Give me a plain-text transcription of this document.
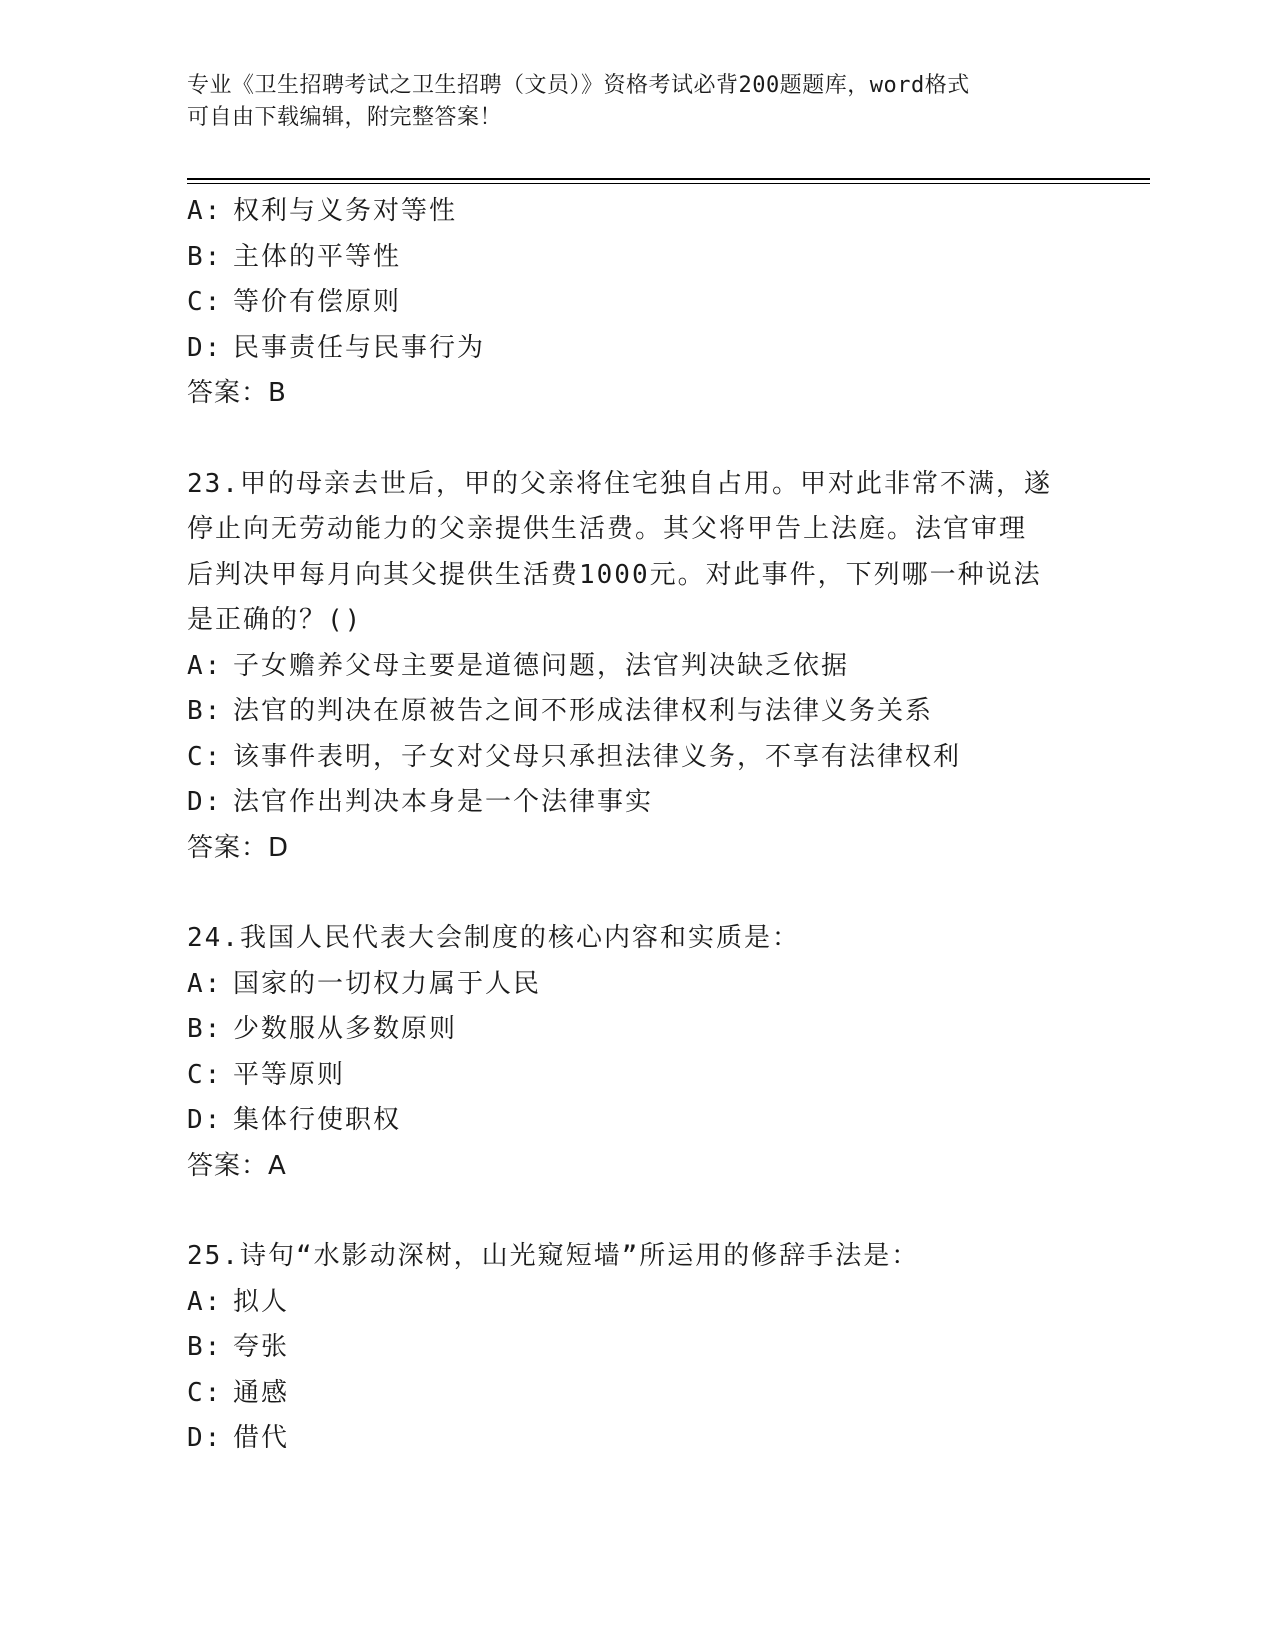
专业《卫生招聘考试之卫生招聘（文员）》资格考试必背200题题库，word格式

可自由下载编辑，附完整答案！

A: 权利与义务对等性
B: 主体的平等性
C: 等价有偿原则
D: 民事责任与民事行为
答案：B
23.甲的母亲去世后，甲的父亲将住宅独自占用。甲对此非常不满，遂
停止向无劳动能力的父亲提供生活费。其父将甲告上法庭。法官审理
后判决甲每月向其父提供生活费1000元。对此事件，下列哪一种说法
是正确的？()
A: 子女赡养父母主要是道德问题，法官判决缺乏依据
B: 法官的判决在原被告之间不形成法律权利与法律义务关系
C: 该事件表明，子女对父母只承担法律义务，不享有法律权利
D: 法官作出判决本身是一个法律事实
答案：D
24.我国人民代表大会制度的核心内容和实质是：
A: 国家的一切权力属于人民
B: 少数服从多数原则
C: 平等原则
D: 集体行使职权
答案：A
25.诗句“水影动深树，山光窥短墙”所运用的修辞手法是：
A: 拟人
B: 夸张
C: 通感
D: 借代
